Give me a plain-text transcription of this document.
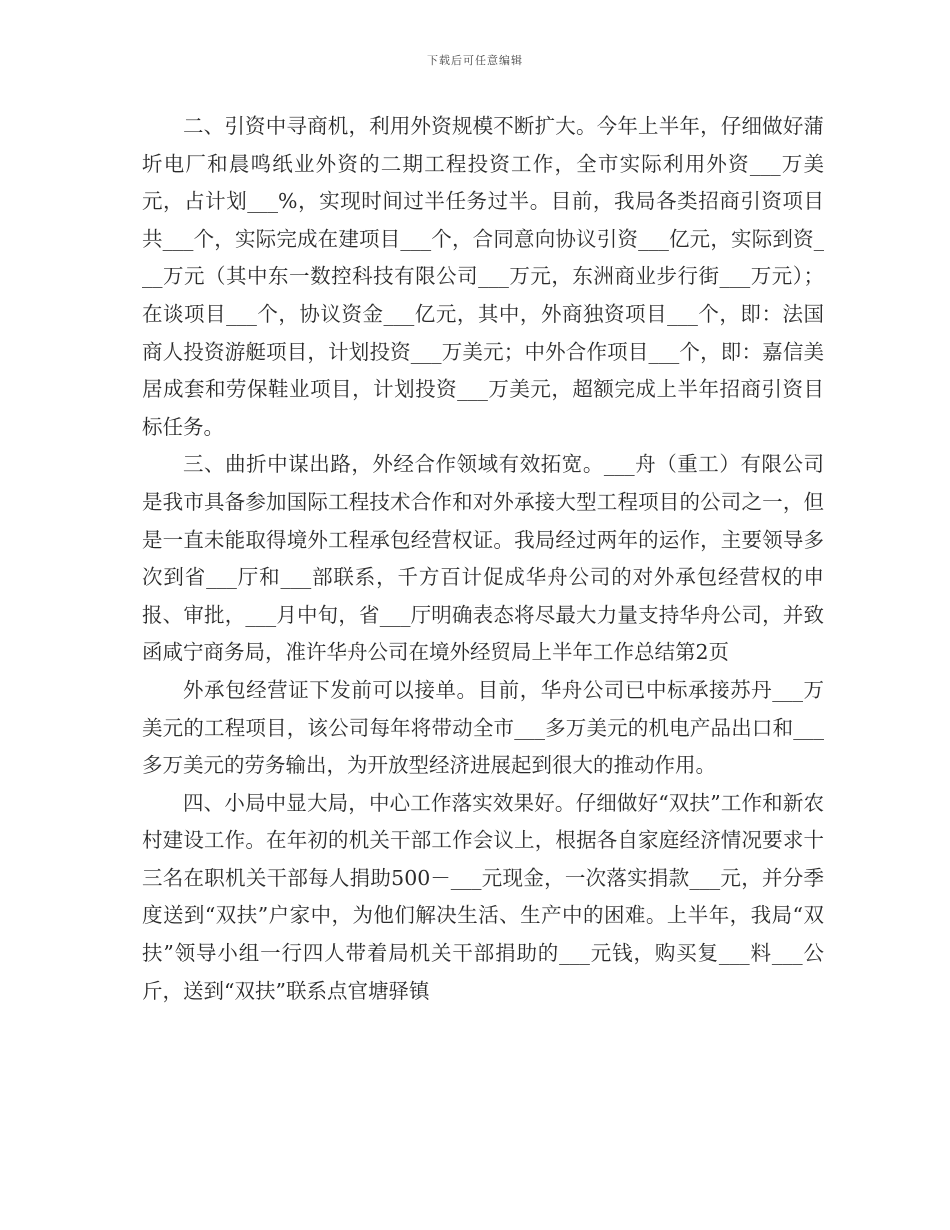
下载后可任意编辑

二、引资中寻商机，利用外资规模不断扩大。今年上半年，仔细做好蒲圻电厂和晨鸣纸业外资的二期工程投资工作，全市实际利用外资___万美元，占计划___%，实现时间过半任务过半。目前，我局各类招商引资项目共___个，实际完成在建项目___个，合同意向协议引资___亿元，实际到资___万元（其中东一数控科技有限公司___万元，东洲商业步行街___万元）；在谈项目___个，协议资金___亿元，其中，外商独资项目___个，即：法国商人投资游艇项目，计划投资___万美元；中外合作项目___个，即：嘉信美居成套和劳保鞋业项目，计划投资___万美元，超额完成上半年招商引资目标任务。

三、曲折中谋出路，外经合作领域有效拓宽。___舟（重工）有限公司是我市具备参加国际工程技术合作和对外承接大型工程项目的公司之一，但是一直未能取得境外工程承包经营权证。我局经过两年的运作，主要领导多次到省___厅和___部联系，千方百计促成华舟公司的对外承包经营权的申报、审批，___月中旬，省___厅明确表态将尽最大力量支持华舟公司，并致函咸宁商务局，准许华舟公司在境外经贸局上半年工作总结第2页

外承包经营证下发前可以接单。目前，华舟公司已中标承接苏丹___万美元的工程项目，该公司每年将带动全市___多万美元的机电产品出口和___多万美元的劳务输出，为开放型经济进展起到很大的推动作用。

四、小局中显大局，中心工作落实效果好。仔细做好“双扶”工作和新农村建设工作。在年初的机关干部工作会议上，根据各自家庭经济情况要求十三名在职机关干部每人捐助500－___元现金，一次落实捐款___元，并分季度送到“双扶”户家中，为他们解决生活、生产中的困难。上半年，我局“双扶”领导小组一行四人带着局机关干部捐助的___元钱，购买复___料___公斤，送到“双扶”联系点官塘驿镇
